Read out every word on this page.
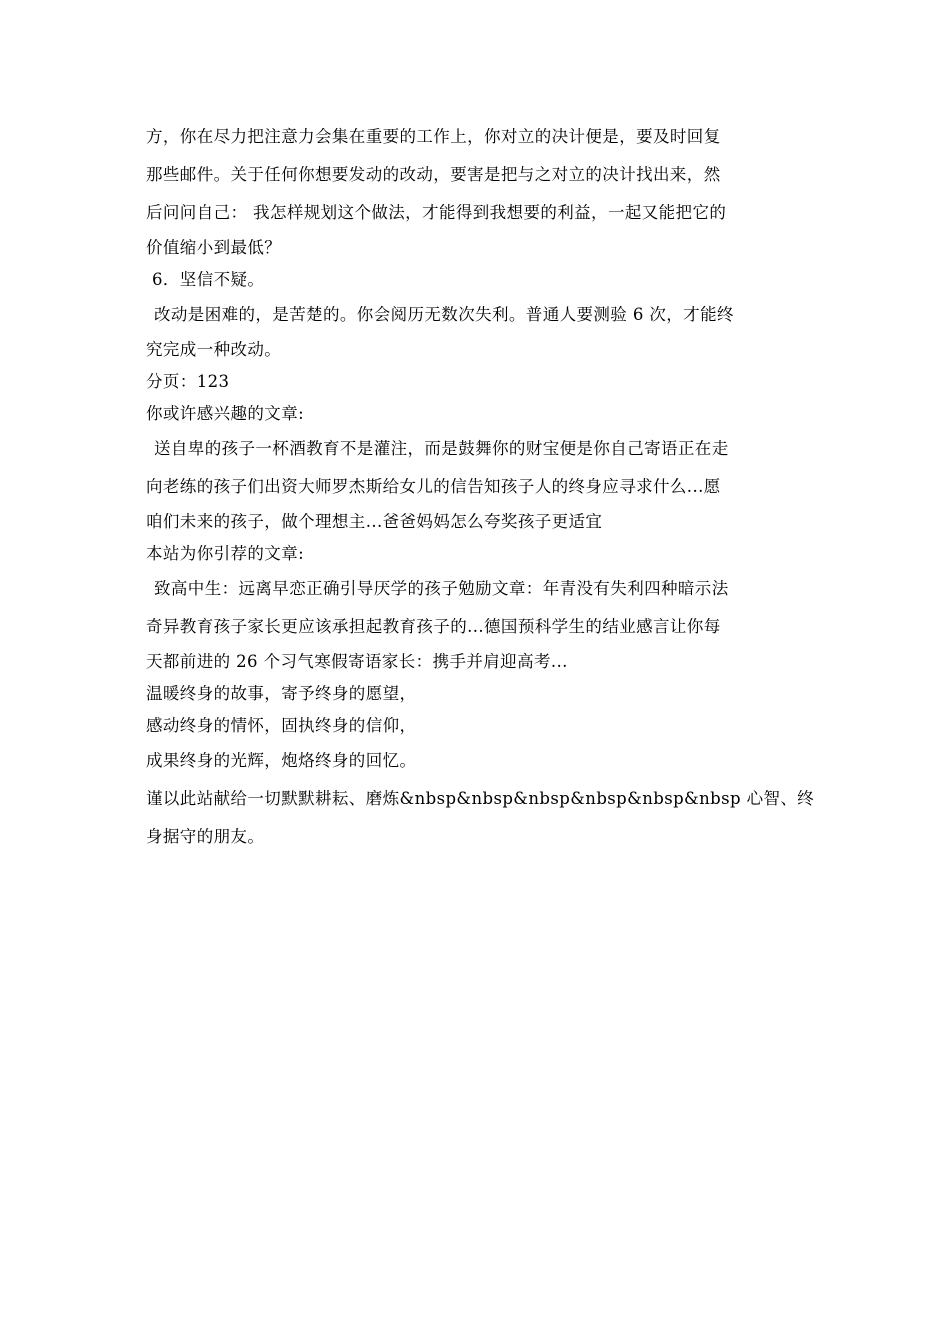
方，你在尽力把注意力会集在重要的工作上，你对立的决计便是，要及时回复
那些邮件。关于任何你想要发动的改动，要害是把与之对立的决计找出来，然
后问问自己： 我怎样规划这个做法，才能得到我想要的利益，一起又能把它的
价值缩小到最低？
6．坚信不疑。
改动是困难的，是苦楚的。你会阅历无数次失利。普通人要测验 6 次，才能终
究完成一种改动。
分页：123
你或许感兴趣的文章:
送自卑的孩子一杯酒教育不是灌注，而是鼓舞你的财宝便是你自己寄语正在走
向老练的孩子们出资大师罗杰斯给女儿的信告知孩子人的终身应寻求什么...愿
咱们未来的孩子，做个理想主...爸爸妈妈怎么夸奖孩子更适宜
本站为你引荐的文章:
致高中生：远离早恋正确引导厌学的孩子勉励文章：年青没有失利四种暗示法
奇异教育孩子家长更应该承担起教育孩子的...德国预科学生的结业感言让你每
天都前进的 26 个习气寒假寄语家长：携手并肩迎高考...
温暖终身的故事，寄予终身的愿望，
感动终身的情怀，固执终身的信仰，
成果终身的光辉，炮烙终身的回忆。
谨以此站献给一切默默耕耘、磨炼&nbsp&nbsp&nbsp&nbsp&nbsp&nbsp 心智、终
身据守的朋友。
